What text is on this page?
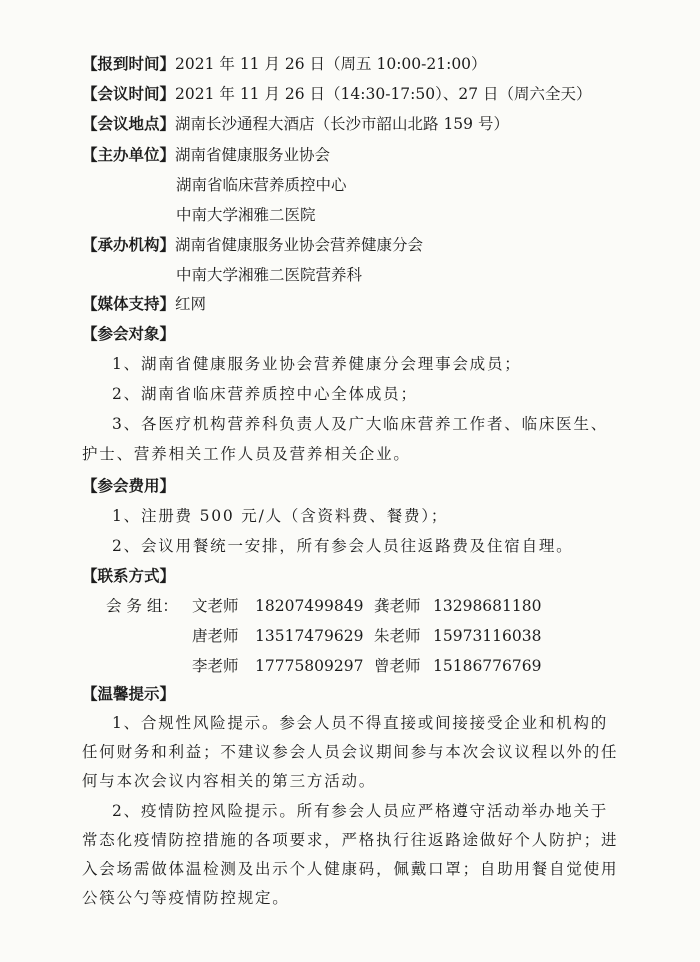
【报到时间】2021 年 11 月 26 日（周五 10:00-21:00）
【会议时间】2021 年 11 月 26 日（14:30-17:50）、27 日（周六全天）
【会议地点】湖南长沙通程大酒店（长沙市韶山北路 159 号）
【主办单位】湖南省健康服务业协会
湖南省临床营养质控中心
中南大学湘雅二医院
【承办机构】湖南省健康服务业协会营养健康分会
中南大学湘雅二医院营养科
【媒体支持】红网
【参会对象】
1、湖南省健康服务业协会营养健康分会理事会成员；
2、湖南省临床营养质控中心全体成员；
3、各医疗机构营养科负责人及广大临床营养工作者、临床医生、
护士、营养相关工作人员及营养相关企业。
【参会费用】
1、注册费 500 元/人（含资料费、餐费）；
2、会议用餐统一安排，所有参会人员往返路费及住宿自理。
【联系方式】
会 务 组： 文老师 18207499849 龚老师 13298681180
唐老师 13517479629 朱老师 15973116038
李老师 17775809297 曾老师 15186776769
【温馨提示】
1、合规性风险提示。参会人员不得直接或间接接受企业和机构的
任何财务和利益；不建议参会人员会议期间参与本次会议议程以外的任
何与本次会议内容相关的第三方活动。
2、疫情防控风险提示。所有参会人员应严格遵守活动举办地关于
常态化疫情防控措施的各项要求，严格执行往返路途做好个人防护；进
入会场需做体温检测及出示个人健康码，佩戴口罩；自助用餐自觉使用
公筷公勺等疫情防控规定。
